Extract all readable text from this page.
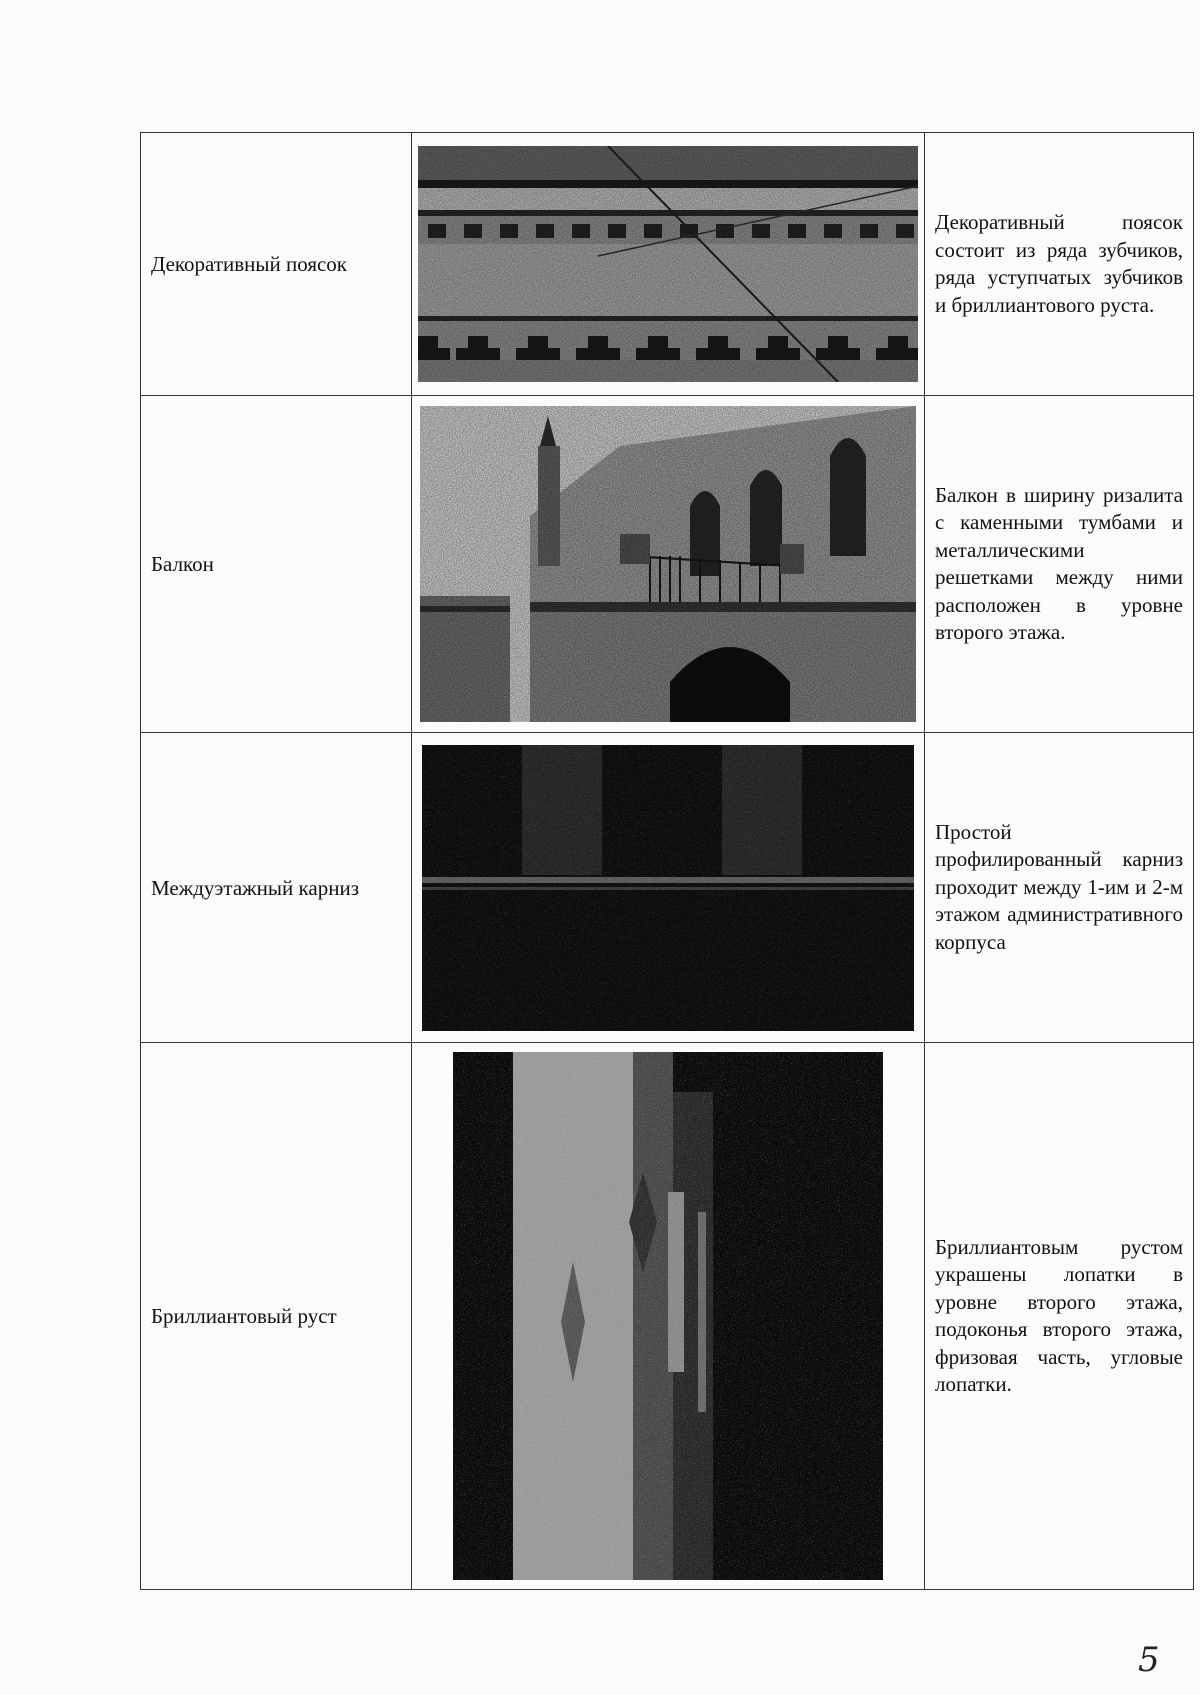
Декоративный поясок		Декоративный поясок состоит из ряда зубчиков, ряда уступчатых зубчиков и бриллиантового руста.

Балкон		Балкон в ширину ризалита с каменными тумбами и металлическими решетками между ними расположен в уровне второго этажа.

Междуэтажный карниз		Простой профилированный карниз проходит между 1-им и 2-м этажом административного корпуса

Бриллиантовый руст		Бриллиантовым рустом украшены лопатки в уровне второго этажа, подоконья второго этажа, фризовая часть, угловые лопатки.
5
